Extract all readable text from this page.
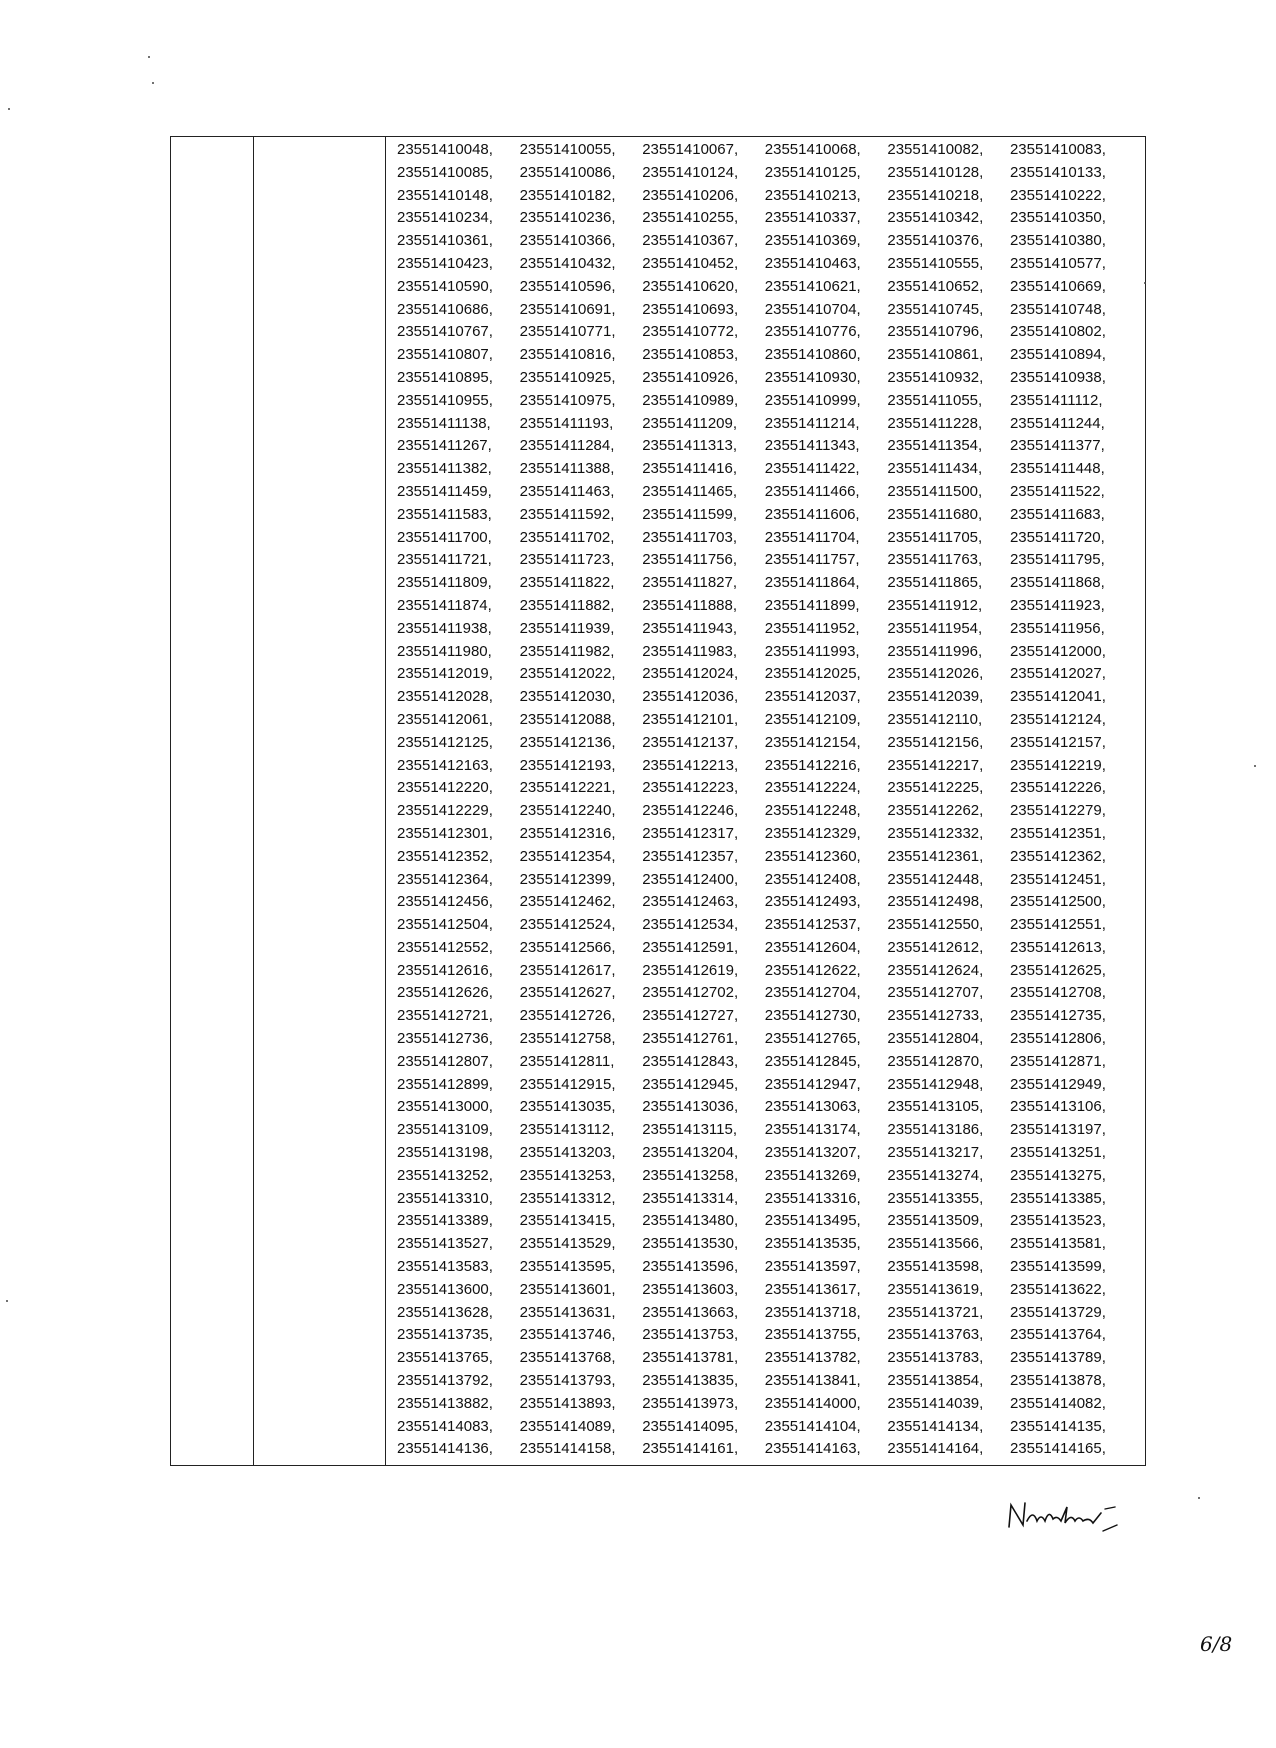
23551410048,	23551410055,	23551410067,	23551410068,	23551410082,	23551410083,
23551410085,	23551410086,	23551410124,	23551410125,	23551410128,	23551410133,
23551410148,	23551410182,	23551410206,	23551410213,	23551410218,	23551410222,
23551410234,	23551410236,	23551410255,	23551410337,	23551410342,	23551410350,
23551410361,	23551410366,	23551410367,	23551410369,	23551410376,	23551410380,
23551410423,	23551410432,	23551410452,	23551410463,	23551410555,	23551410577,
23551410590,	23551410596,	23551410620,	23551410621,	23551410652,	23551410669,
23551410686,	23551410691,	23551410693,	23551410704,	23551410745,	23551410748,
23551410767,	23551410771,	23551410772,	23551410776,	23551410796,	23551410802,
23551410807,	23551410816,	23551410853,	23551410860,	23551410861,	23551410894,
23551410895,	23551410925,	23551410926,	23551410930,	23551410932,	23551410938,
23551410955,	23551410975,	23551410989,	23551410999,	23551411055,	23551411112,
23551411138,	23551411193,	23551411209,	23551411214,	23551411228,	23551411244,
23551411267,	23551411284,	23551411313,	23551411343,	23551411354,	23551411377,
23551411382,	23551411388,	23551411416,	23551411422,	23551411434,	23551411448,
23551411459,	23551411463,	23551411465,	23551411466,	23551411500,	23551411522,
23551411583,	23551411592,	23551411599,	23551411606,	23551411680,	23551411683,
23551411700,	23551411702,	23551411703,	23551411704,	23551411705,	23551411720,
23551411721,	23551411723,	23551411756,	23551411757,	23551411763,	23551411795,
23551411809,	23551411822,	23551411827,	23551411864,	23551411865,	23551411868,
23551411874,	23551411882,	23551411888,	23551411899,	23551411912,	23551411923,
23551411938,	23551411939,	23551411943,	23551411952,	23551411954,	23551411956,
23551411980,	23551411982,	23551411983,	23551411993,	23551411996,	23551412000,
23551412019,	23551412022,	23551412024,	23551412025,	23551412026,	23551412027,
23551412028,	23551412030,	23551412036,	23551412037,	23551412039,	23551412041,
23551412061,	23551412088,	23551412101,	23551412109,	23551412110,	23551412124,
23551412125,	23551412136,	23551412137,	23551412154,	23551412156,	23551412157,
23551412163,	23551412193,	23551412213,	23551412216,	23551412217,	23551412219,
23551412220,	23551412221,	23551412223,	23551412224,	23551412225,	23551412226,
23551412229,	23551412240,	23551412246,	23551412248,	23551412262,	23551412279,
23551412301,	23551412316,	23551412317,	23551412329,	23551412332,	23551412351,
23551412352,	23551412354,	23551412357,	23551412360,	23551412361,	23551412362,
23551412364,	23551412399,	23551412400,	23551412408,	23551412448,	23551412451,
23551412456,	23551412462,	23551412463,	23551412493,	23551412498,	23551412500,
23551412504,	23551412524,	23551412534,	23551412537,	23551412550,	23551412551,
23551412552,	23551412566,	23551412591,	23551412604,	23551412612,	23551412613,
23551412616,	23551412617,	23551412619,	23551412622,	23551412624,	23551412625,
23551412626,	23551412627,	23551412702,	23551412704,	23551412707,	23551412708,
23551412721,	23551412726,	23551412727,	23551412730,	23551412733,	23551412735,
23551412736,	23551412758,	23551412761,	23551412765,	23551412804,	23551412806,
23551412807,	23551412811,	23551412843,	23551412845,	23551412870,	23551412871,
23551412899,	23551412915,	23551412945,	23551412947,	23551412948,	23551412949,
23551413000,	23551413035,	23551413036,	23551413063,	23551413105,	23551413106,
23551413109,	23551413112,	23551413115,	23551413174,	23551413186,	23551413197,
23551413198,	23551413203,	23551413204,	23551413207,	23551413217,	23551413251,
23551413252,	23551413253,	23551413258,	23551413269,	23551413274,	23551413275,
23551413310,	23551413312,	23551413314,	23551413316,	23551413355,	23551413385,
23551413389,	23551413415,	23551413480,	23551413495,	23551413509,	23551413523,
23551413527,	23551413529,	23551413530,	23551413535,	23551413566,	23551413581,
23551413583,	23551413595,	23551413596,	23551413597,	23551413598,	23551413599,
23551413600,	23551413601,	23551413603,	23551413617,	23551413619,	23551413622,
23551413628,	23551413631,	23551413663,	23551413718,	23551413721,	23551413729,
23551413735,	23551413746,	23551413753,	23551413755,	23551413763,	23551413764,
23551413765,	23551413768,	23551413781,	23551413782,	23551413783,	23551413789,
23551413792,	23551413793,	23551413835,	23551413841,	23551413854,	23551413878,
23551413882,	23551413893,	23551413973,	23551414000,	23551414039,	23551414082,
23551414083,	23551414089,	23551414095,	23551414104,	23551414134,	23551414135,
23551414136,	23551414158,	23551414161,	23551414163,	23551414164,	23551414165,
6/8
